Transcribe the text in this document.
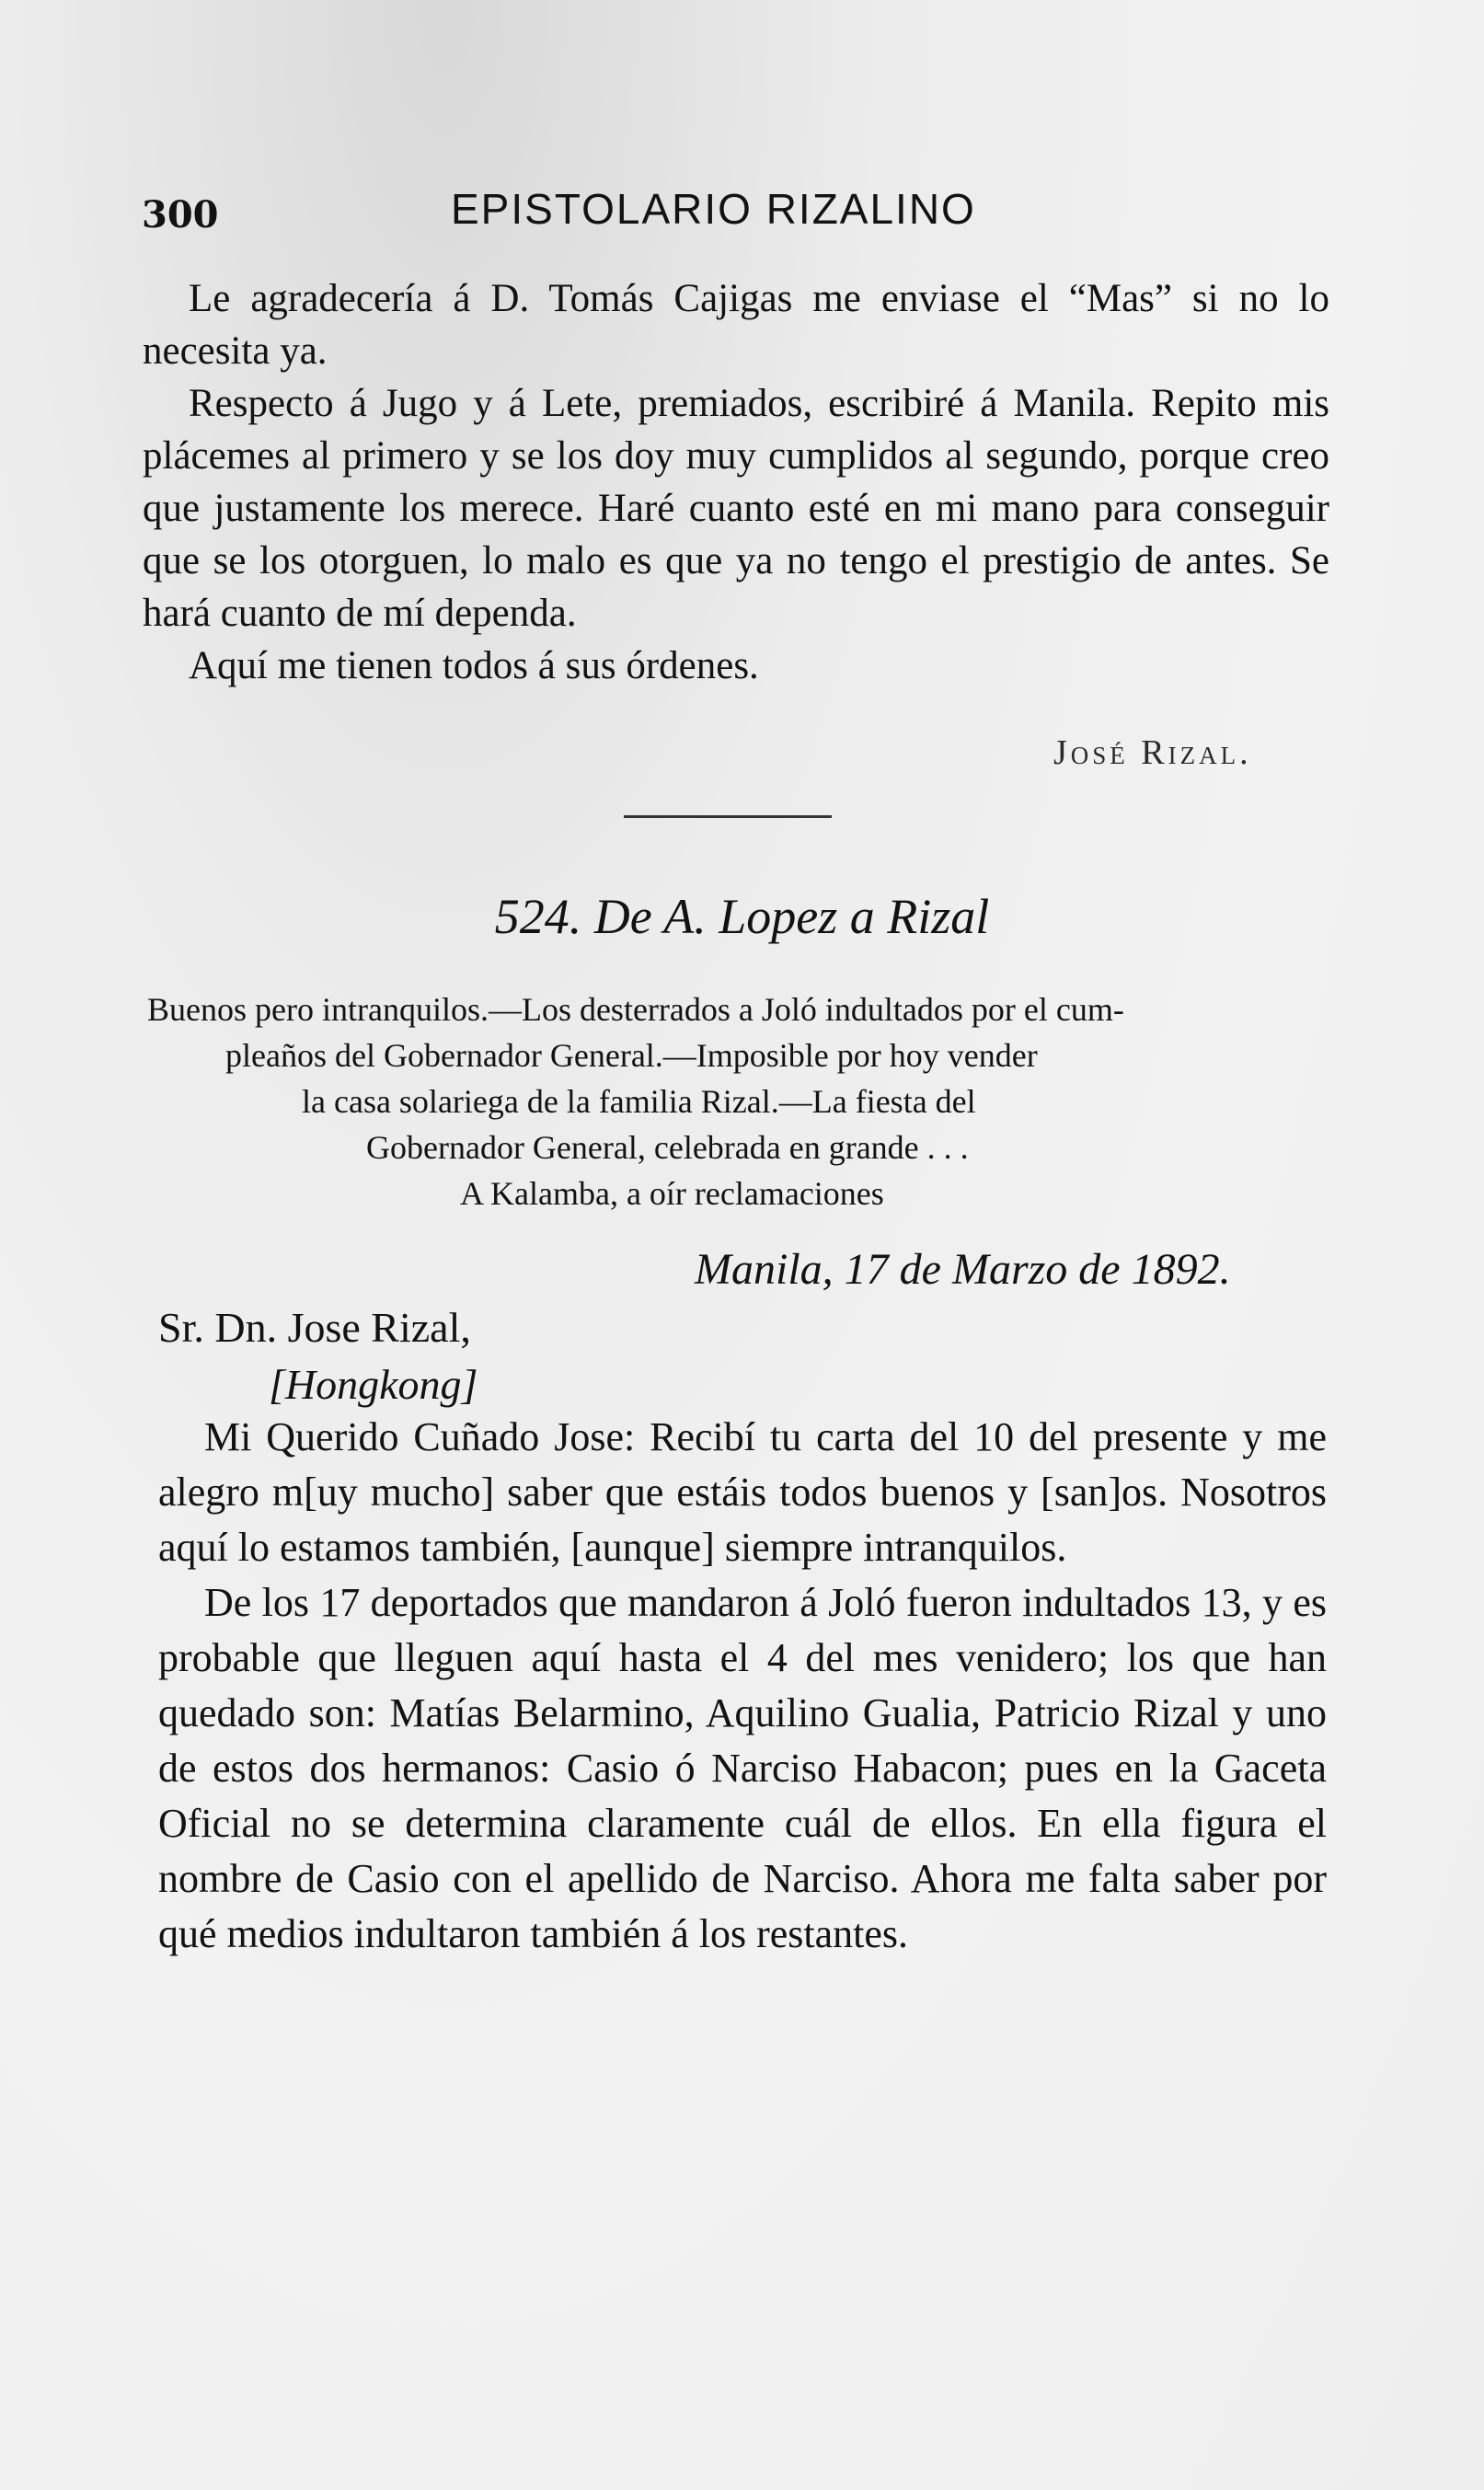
300	EPISTOLARIO RIZALINO

Le agradecería á D. Tomás Cajigas me enviase el “Mas” si no lo necesita ya.

Respecto á Jugo y á Lete, premiados, escribiré á Manila. Repito mis plácemes al primero y se los doy muy cumplidos al segundo, porque creo que justamente los merece. Haré cuanto esté en mi mano para conseguir que se los otorguen, lo malo es que ya no tengo el prestigio de antes. Se hará cuanto de mí dependa.

Aquí me tienen todos á sus órdenes.

José Rizal.
524. De A. Lopez a Rizal
Buenos pero intranquilos.—Los desterrados a Joló indultados por el cum-
pleaños del Gobernador General.—Imposible por hoy vender
la casa solariega de la familia Rizal.—La fiesta del
Gobernador General, celebrada en grande . . .
A Kalamba, a oír reclamaciones
Manila, 17 de Marzo de 1892.
Sr. Dn. Jose Rizal,
[Hongkong]

Mi Querido Cuñado Jose: Recibí tu carta del 10 del presente y me alegro m[uy mucho] saber que estáis todos buenos y [san]os. Nosotros aquí lo estamos también, [aunque] siempre intranquilos.

De los 17 deportados que mandaron á Joló fueron indultados 13, y es probable que lleguen aquí hasta el 4 del mes venidero; los que han quedado son: Matías Belarmino, Aquilino Gualia, Patricio Rizal y uno de estos dos hermanos: Casio ó Narciso Habacon; pues en la Gaceta Oficial no se determina claramente cuál de ellos. En ella figura el nombre de Casio con el apellido de Narciso. Ahora me falta saber por qué medios indultaron también á los restantes.
